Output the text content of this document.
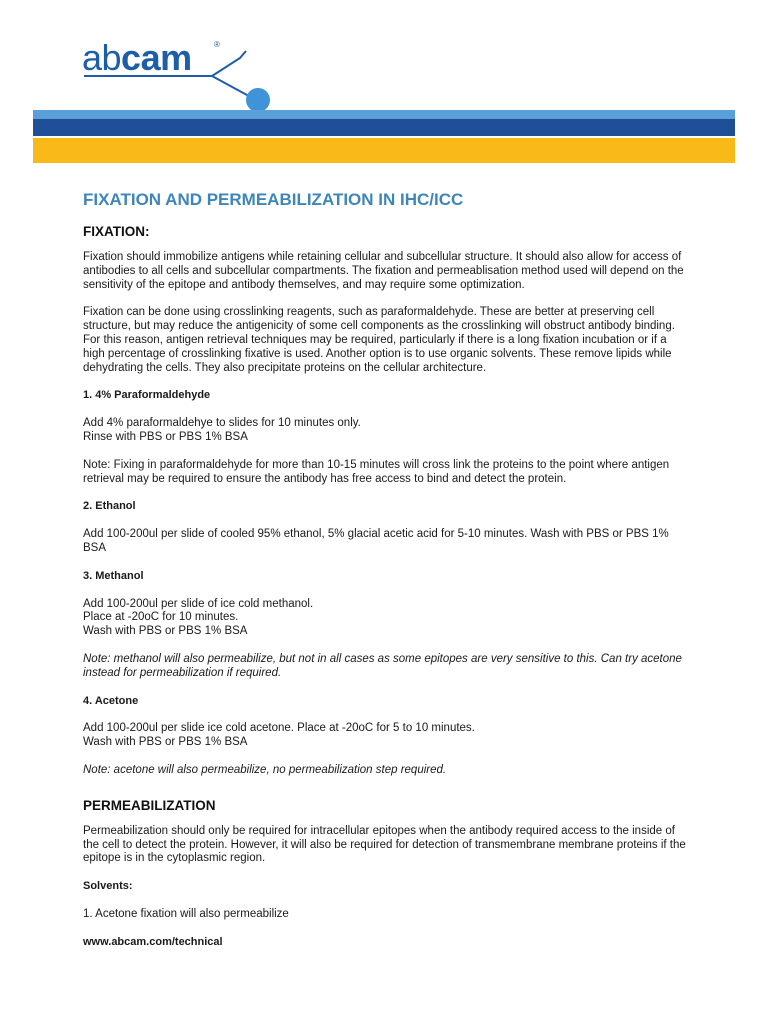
abcam	®
FIXATION AND PERMEABILIZATION IN IHC/ICC
FIXATION:

Fixation should immobilize antigens while retaining cellular and subcellular structure. It should also allow for access of antibodies to all cells and subcellular compartments. The fixation and permeablisation method used will depend on the sensitivity of the epitope and antibody themselves, and may require some optimization.

Fixation can be done using crosslinking reagents, such as paraformaldehyde. These are better at preserving cell structure, but may reduce the antigenicity of some cell components as the crosslinking will obstruct antibody binding. For this reason, antigen retrieval techniques may be required, particularly if there is a long fixation incubation or if a high percentage of crosslinking fixative is used. Another option is to use organic solvents. These remove lipids while dehydrating the cells. They also precipitate proteins on the cellular architecture.

1. 4% Paraformaldehyde

Add 4% paraformaldehye to slides for 10 minutes only.
Rinse with PBS or PBS 1% BSA

Note: Fixing in paraformaldehyde for more than 10-15 minutes will cross link the proteins to the point where antigen retrieval may be required to ensure the antibody has free access to bind and detect the protein.

2. Ethanol

Add 100-200ul per slide of cooled 95% ethanol, 5% glacial acetic acid for 5-10 minutes. Wash with PBS or PBS 1% BSA

3. Methanol

Add 100-200ul per slide of ice cold methanol.
Place at -20oC for 10 minutes.
Wash with PBS or PBS 1% BSA

Note: methanol will also permeabilize, but not in all cases as some epitopes are very sensitive to this. Can try acetone instead for permeabilization if required.

4. Acetone

Add 100-200ul per slide ice cold acetone. Place at -20oC for 5 to 10 minutes.
Wash with PBS or PBS 1% BSA

Note: acetone will also permeabilize, no permeabilization step required.

PERMEABILIZATION

Permeabilization should only be required for intracellular epitopes when the antibody required access to the inside of the cell to detect the protein. However, it will also be required for detection of transmembrane membrane proteins if the epitope is in the cytoplasmic region.

Solvents:

1. Acetone fixation will also permeabilize

www.abcam.com/technical
